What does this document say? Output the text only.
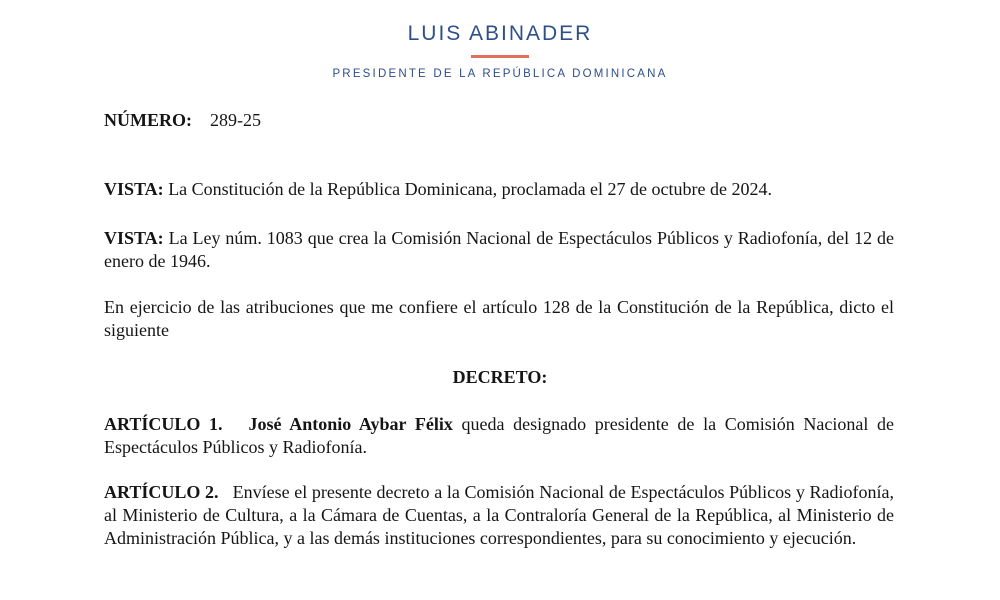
LUIS ABINADER
PRESIDENTE DE LA REPÚBLICA DOMINICANA

NÚMERO: 289-25

VISTA: La Constitución de la República Dominicana, proclamada el 27 de octubre de 2024.

VISTA: La Ley núm. 1083 que crea la Comisión Nacional de Espectáculos Públicos y Radiofonía, del 12 de enero de 1946.

En ejercicio de las atribuciones que me confiere el artículo 128 de la Constitución de la República, dicto el siguiente

DECRETO:

ARTÍCULO 1. José Antonio Aybar Félix queda designado presidente de la Comisión Nacional de Espectáculos Públicos y Radiofonía.

ARTÍCULO 2. Envíese el presente decreto a la Comisión Nacional de Espectáculos Públicos y Radiofonía, al Ministerio de Cultura, a la Cámara de Cuentas, a la Contraloría General de la República, al Ministerio de Administración Pública, y a las demás instituciones correspondientes, para su conocimiento y ejecución.
